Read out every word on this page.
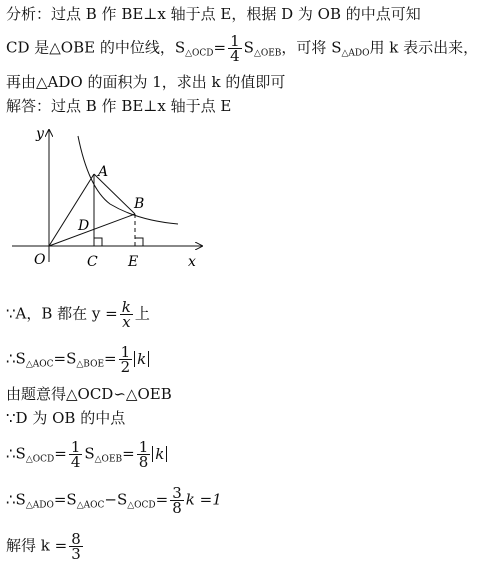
分析：过点 B 作 BE⊥x 轴于点 E，根据 D 为 OB 的中点可知
CD 是△OBE 的中位线，$S_{\triangle OCD}= \frac{1}{4} S_{\triangle OEB}$，可将 $S_{\triangle ADO}$用 k 表示出来，
再由△ADO 的面积为 1，求出 k 的值即可
解答：过点 B 作 BE⊥x 轴于点 E
y
x
O
A
B
C
D
E
∵A，B 都在 $y = \frac{k}{x}$ 上
$\therefore S_{\triangle AOC}=S_{\triangle BOE}= \frac{1}{2}$ k
由题意得△OCD∽△OEB
∵D 为 OB 的中点
$\therefore S_{\triangle OCD}= \frac{1}{4} S_{\triangle OEB}= \frac{1}{8}$ k
$\therefore S_{\triangle ADO}=S_{\triangle AOC}-S_{\triangle OCD}= \frac{3}{8}$ k =1
解得 $k = \frac{8}{3}$
